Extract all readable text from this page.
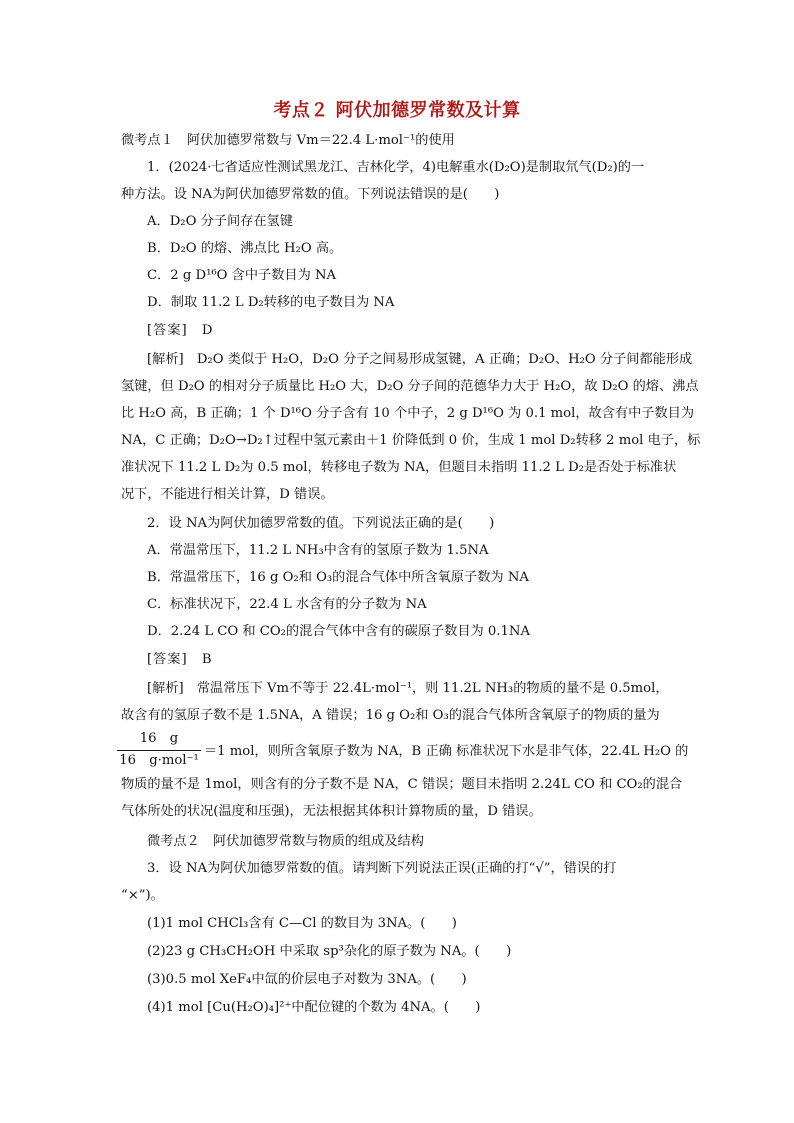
考点２ 阿伏加德罗常数及计算
微考点１　阿伏加德罗常数与 Vm＝22.4 L·mol⁻¹的使用
1．(2024·七省适应性测试黑龙江、吉林化学，4)电解重水(D₂O)是制取氘气(D₂)的一
种方法。设 NA为阿伏加德罗常数的值。下列说法错误的是(　　)
A．D₂O 分子间存在氢键
B．D₂O 的熔、沸点比 H₂O 高。
C．2 g D¹⁶O 含中子数目为 NA
D．制取 11.2 L D₂转移的电子数目为 NA
[答案]　D
[解析]　D₂O 类似于 H₂O，D₂O 分子之间易形成氢键，A 正确；D₂O、H₂O 分子间都能形成
氢键，但 D₂O 的相对分子质量比 H₂O 大，D₂O 分子间的范德华力大于 H₂O，故 D₂O 的熔、沸点
比 H₂O 高，B 正确；1 个 D¹⁶O 分子含有 10 个中子，2 g D¹⁶O 为 0.1 mol，故含有中子数目为
NA，C 正确；D₂O→D₂↑过程中氢元素由＋1 价降低到 0 价，生成 1 mol D₂转移 2 mol 电子，标
准状况下 11.2 L D₂为 0.5 mol，转移电子数为 NA，但题目未指明 11.2 L D₂是否处于标准状
况下，不能进行相关计算，D 错误。
2．设 NA为阿伏加德罗常数的值。下列说法正确的是(　　)
A．常温常压下，11.2 L NH₃中含有的氢原子数为 1.5NA
B．常温常压下，16 g O₂和 O₃的混合气体中所含氧原子数为 NA
C．标准状况下，22.4 L 水含有的分子数为 NA
D．2.24 L CO 和 CO₂的混合气体中含有的碳原子数目为 0.1NA
[答案]　B
[解析]　常温常压下 Vm不等于 22.4L·mol⁻¹，则 11.2L NH₃的物质的量不是 0.5mol，
故含有的氢原子数不是 1.5NA，A 错误；16 g O₂和 O₃的混合气体所含氧原子的物质的量为
16　g
16　g·mol⁻¹
＝1 mol，则所含氧原子数为 NA，B 正确 标准状况下水是非气体，22.4L H₂O 的
物质的量不是 1mol，则含有的分子数不是 NA，C 错误；题目未指明 2.24L CO 和 CO₂的混合
气体所处的状况(温度和压强)，无法根据其体积计算物质的量，D 错误。
微考点２　阿伏加德罗常数与物质的组成及结构
3．设 NA为阿伏加德罗常数的值。请判断下列说法正误(正确的打“√”，错误的打
“×”)。
(1)1 mol CHCl₃含有 C—Cl 的数目为 3NA。(　　)
(2)23 g CH₃CH₂OH 中采取 sp³杂化的原子数为 NA。(　　)
(3)0.5 mol XeF₄中氙的价层电子对数为 3NA。(　　)
(4)1 mol [Cu(H₂O)₄]²⁺中配位键的个数为 4NA。(　　)
